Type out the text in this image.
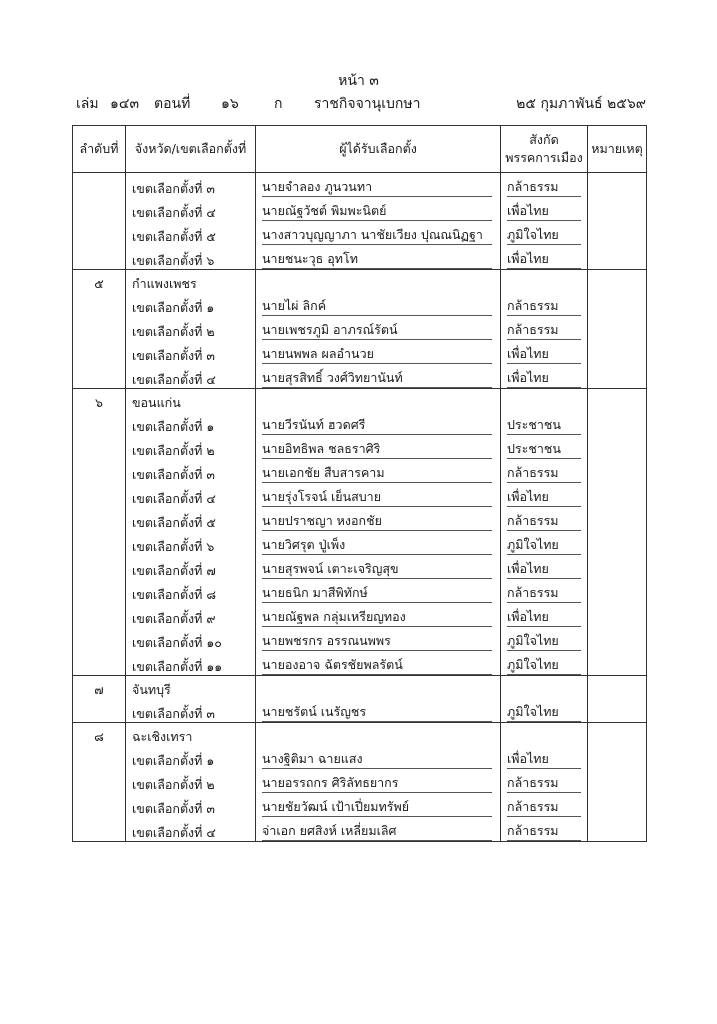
หน้า ๓
เล่ม ๑๔๓ ตอนที่ ๑๖	ก ราชกิจจานุเบกษา	๒๕ กุมภาพันธ์ ๒๕๖๙
ลำดับที่	จังหวัด/เขตเลือกตั้งที่	ผู้ได้รับเลือกตั้ง	สังกัด
พรรคการเมือง	หมายเหตุ
	เขตเลือกตั้งที่ ๓	นายจำลอง ภูนวนทา	กล้าธรรม	

	เขตเลือกตั้งที่ ๔	นายณัฐวัชต์ พิมพะนิตย์	เพื่อไทย	

	เขตเลือกตั้งที่ ๕	นางสาวบุญญาภา นาชัยเวียง ปุณณนิฏฐา	ภูมิใจไทย	

	เขตเลือกตั้งที่ ๖	นายชนะวุธ อุทโท	เพื่อไทย	

๕	กำแพงเพชร			
	เขตเลือกตั้งที่ ๑	นายไผ่ ลิกค์	กล้าธรรม	

	เขตเลือกตั้งที่ ๒	นายเพชรภูมิ อาภรณ์รัตน์	กล้าธรรม	

	เขตเลือกตั้งที่ ๓	นายนพพล ผลอำนวย	เพื่อไทย	

	เขตเลือกตั้งที่ ๔	นายสุรสิทธิ์ วงศ์วิทยานันท์	เพื่อไทย	

๖	ขอนแก่น			
	เขตเลือกตั้งที่ ๑	นายวีรนันท์ ฮวดศรี	ประชาชน	

	เขตเลือกตั้งที่ ๒	นายอิทธิพล ชลธราศิริ	ประชาชน	

	เขตเลือกตั้งที่ ๓	นายเอกชัย สืบสารคาม	กล้าธรรม	

	เขตเลือกตั้งที่ ๔	นายรุ่งโรจน์ เย็นสบาย	เพื่อไทย	

	เขตเลือกตั้งที่ ๕	นายปราชญา หงอกชัย	กล้าธรรม	

	เขตเลือกตั้งที่ ๖	นายวิศรุต ปู่เพ็ง	ภูมิใจไทย	

	เขตเลือกตั้งที่ ๗	นายสุรพจน์ เตาะเจริญสุข	เพื่อไทย	

	เขตเลือกตั้งที่ ๘	นายธนิก มาสีพิทักษ์	กล้าธรรม	

	เขตเลือกตั้งที่ ๙	นายณัฐพล กลุ่มเหรียญทอง	เพื่อไทย	

	เขตเลือกตั้งที่ ๑๐	นายพชรกร อรรณนพพร	ภูมิใจไทย	

	เขตเลือกตั้งที่ ๑๑	นายองอาจ ฉัตรชัยพลรัตน์	ภูมิใจไทย	

๗	จันทบุรี			
	เขตเลือกตั้งที่ ๓	นายชรัตน์ เนรัญชร	ภูมิใจไทย	

๘	ฉะเชิงเทรา			
	เขตเลือกตั้งที่ ๑	นางฐิติมา ฉายแสง	เพื่อไทย	

	เขตเลือกตั้งที่ ๒	นายอรรถกร ศิริลัทธยากร	กล้าธรรม	

	เขตเลือกตั้งที่ ๓	นายชัยวัฒน์ เป้าเปี่ยมทรัพย์	กล้าธรรม	

	เขตเลือกตั้งที่ ๔	จ่าเอก ยศสิงห์ เหลี่ยมเลิศ	กล้าธรรม	
